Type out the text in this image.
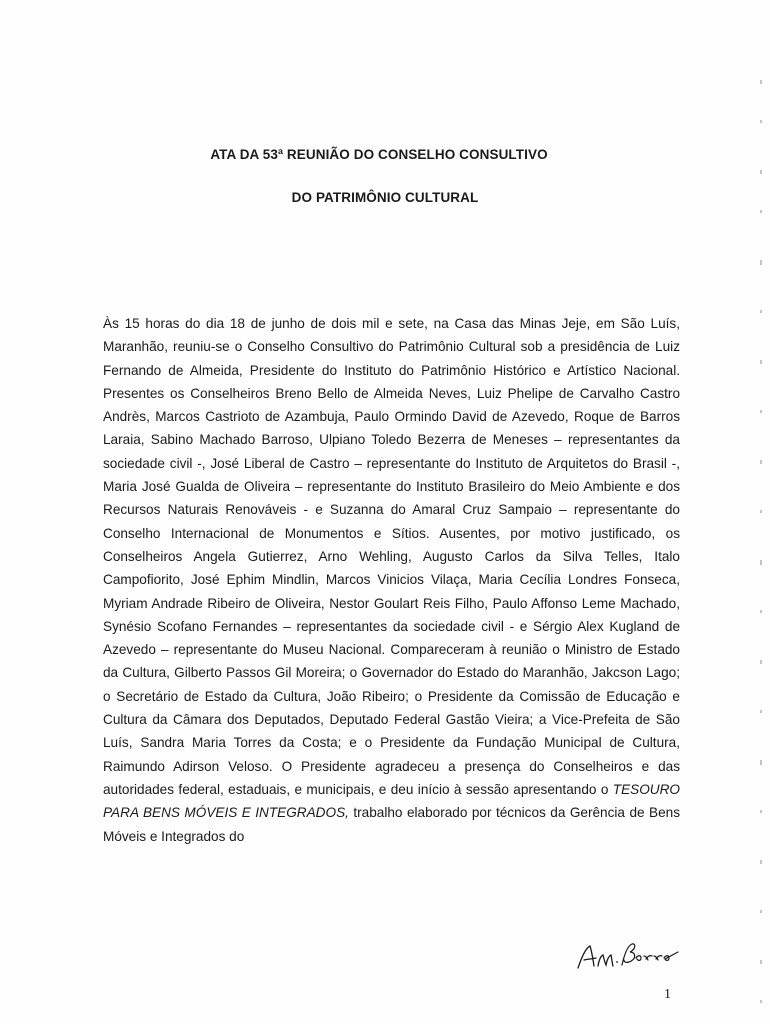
ATA DA 53ª REUNIÃO DO CONSELHO CONSULTIVO
DO PATRIMÔNIO CULTURAL

Às 15 horas do dia 18 de junho de dois mil e sete, na Casa das Minas Jeje, em São Luís, Maranhão, reuniu-se o Conselho Consultivo do Patrimônio Cultural sob a presidência de Luiz Fernando de Almeida, Presidente do Instituto do Patrimônio Histórico e Artístico Nacional. Presentes os Conselheiros Breno Bello de Almeida Neves, Luiz Phelipe de Carvalho Castro Andrès, Marcos Castrioto de Azambuja, Paulo Ormindo David de Azevedo, Roque de Barros Laraia, Sabino Machado Barroso, Ulpiano Toledo Bezerra de Meneses – representantes da sociedade civil -, José Liberal de Castro – representante do Instituto de Arquitetos do Brasil -, Maria José Gualda de Oliveira – representante do Instituto Brasileiro do Meio Ambiente e dos Recursos Naturais Renováveis - e Suzanna do Amaral Cruz Sampaio – representante do Conselho Internacional de Monumentos e Sítios. Ausentes, por motivo justificado, os Conselheiros Angela Gutierrez, Arno Wehling, Augusto Carlos da Silva Telles, Italo Campofiorito, José Ephim Mindlin, Marcos Vinicios Vilaça, Maria Cecília Londres Fonseca, Myriam Andrade Ribeiro de Oliveira, Nestor Goulart Reis Filho, Paulo Affonso Leme Machado, Synésio Scofano Fernandes – representantes da sociedade civil - e Sérgio Alex Kugland de Azevedo – representante do Museu Nacional. Compareceram à reunião o Ministro de Estado da Cultura, Gilberto Passos Gil Moreira; o Governador do Estado do Maranhão, Jakcson Lago; o Secretário de Estado da Cultura, João Ribeiro; o Presidente da Comissão de Educação e Cultura da Câmara dos Deputados, Deputado Federal Gastão Vieira; a Vice-Prefeita de São Luís, Sandra Maria Torres da Costa; e o Presidente da Fundação Municipal de Cultura, Raimundo Adirson Veloso. O Presidente agradeceu a presença do Conselheiros e das autoridades federal, estaduais, e municipais, e deu início à sessão apresentando o TESOURO PARA BENS MÓVEIS E INTEGRADOS, trabalho elaborado por técnicos da Gerência de Bens Móveis e Integrados do

1
